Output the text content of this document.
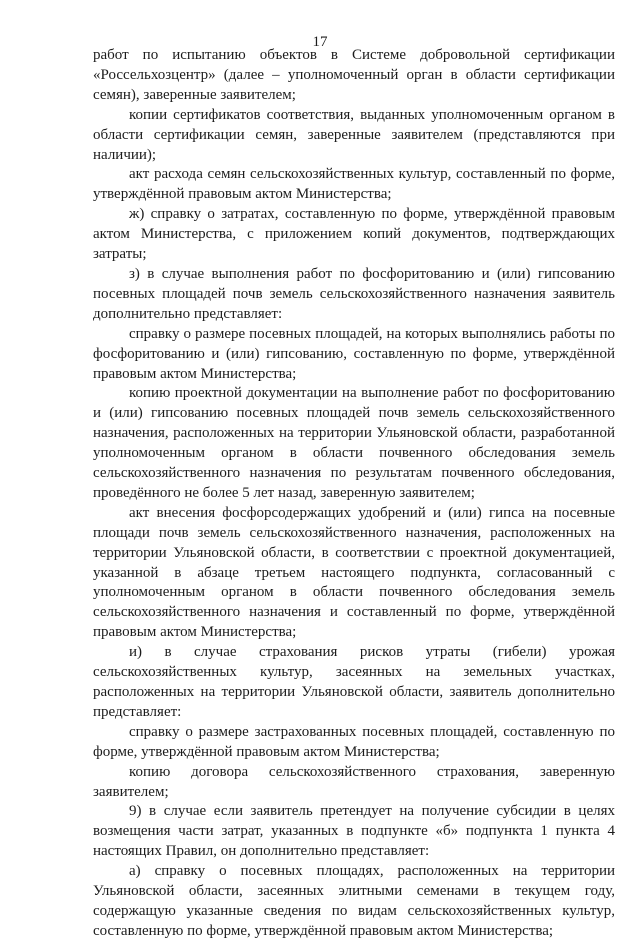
17

работ по испытанию объектов в Системе добровольной сертификации «Россельхозцентр» (далее – уполномоченный орган в области сертификации семян), заверенные заявителем;

копии сертификатов соответствия, выданных уполномоченным органом в области сертификации семян, заверенные заявителем (представляются при наличии);

акт расхода семян сельскохозяйственных культур, составленный по форме, утверждённой правовым актом Министерства;

ж) справку о затратах, составленную по форме, утверждённой правовым актом Министерства, с приложением копий документов, подтверждающих затраты;

з) в случае выполнения работ по фосфоритованию и (или) гипсованию посевных площадей почв земель сельскохозяйственного назначения заявитель дополнительно представляет:

справку о размере посевных площадей, на которых выполнялись работы по фосфоритованию и (или) гипсованию, составленную по форме, утверждённой правовым актом Министерства;

копию проектной документации на выполнение работ по фосфоритованию и (или) гипсованию посевных площадей почв земель сельскохозяйственного назначения, расположенных на территории Ульяновской области, разработанной уполномоченным органом в области почвенного обследования земель сельскохозяйственного назначения по результатам почвенного обследования, проведённого не более 5 лет назад, заверенную заявителем;

акт внесения фосфорсодержащих удобрений и (или) гипса на посевные площади почв земель сельскохозяйственного назначения, расположенных на территории Ульяновской области, в соответствии с проектной документацией, указанной в абзаце третьем настоящего подпункта, согласованный с уполномоченным органом в области почвенного обследования земель сельскохозяйственного назначения и составленный по форме, утверждённой правовым актом Министерства;

и) в случае страхования рисков утраты (гибели) урожая сельскохозяйственных культур, засеянных на земельных участках, расположенных на территории Ульяновской области, заявитель дополнительно представляет:

справку о размере застрахованных посевных площадей, составленную по форме, утверждённой правовым актом Министерства;

копию договора сельскохозяйственного страхования, заверенную заявителем;

9) в случае если заявитель претендует на получение субсидии в целях возмещения части затрат, указанных в подпункте «б» подпункта 1 пункта 4 настоящих Правил, он дополнительно представляет:

а) справку о посевных площадях, расположенных на территории Ульяновской области, засеянных элитными семенами в текущем году, содержащую указанные сведения по видам сельскохозяйственных культур, составленную по форме, утверждённой правовым актом Министерства;
